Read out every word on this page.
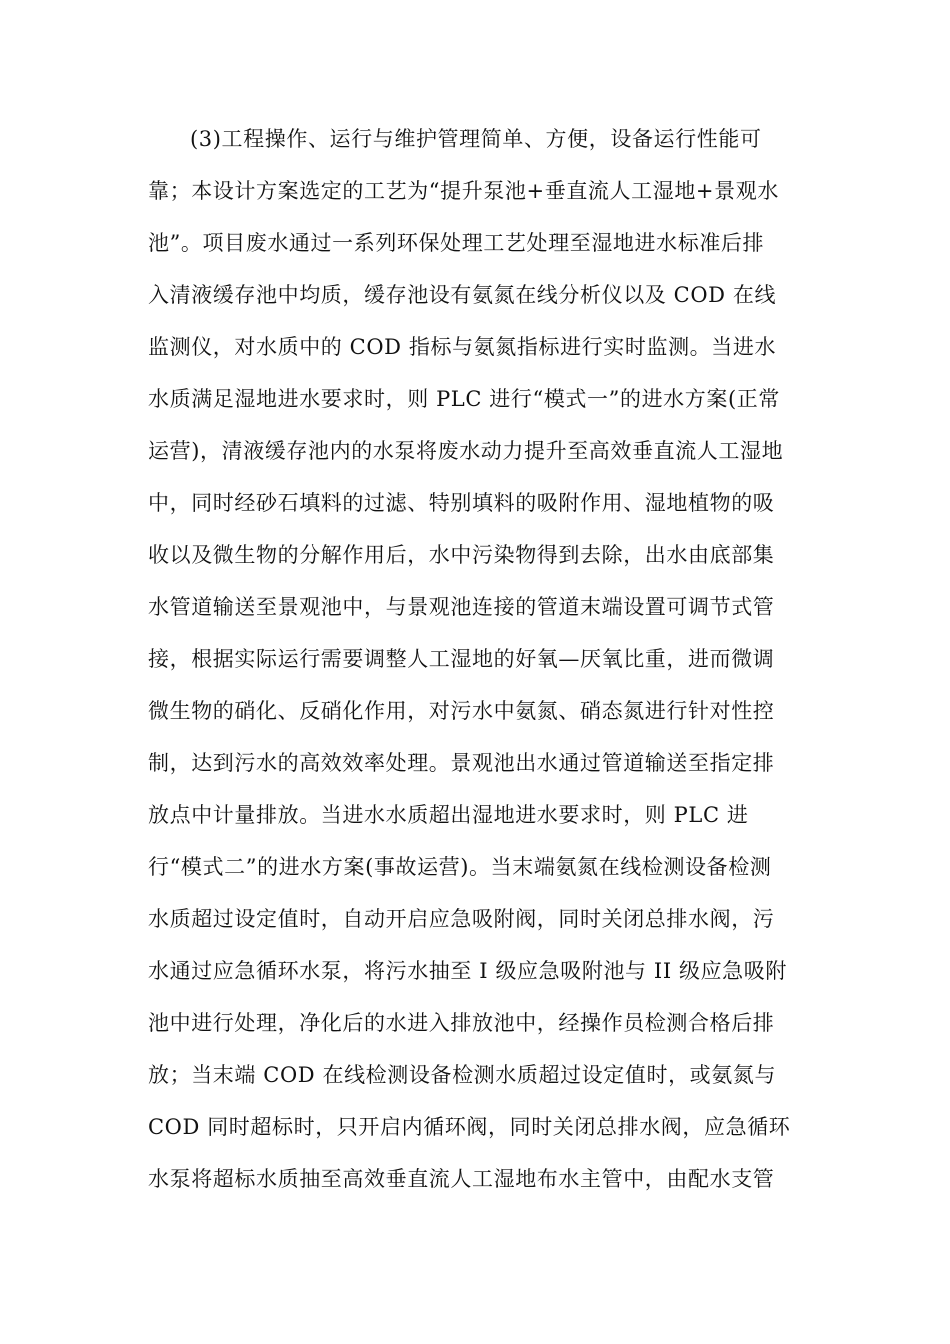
(3)工程操作、运行与维护管理简单、方便，设备运行性能可
靠；本设计方案选定的工艺为“提升泵池+垂直流人工湿地+景观水
池”。项目废水通过一系列环保处理工艺处理至湿地进水标准后排
入清液缓存池中均质，缓存池设有氨氮在线分析仪以及 COD 在线
监测仪，对水质中的 COD 指标与氨氮指标进行实时监测。当进水
水质满足湿地进水要求时，则 PLC 进行“模式一”的进水方案(正常
运营)，清液缓存池内的水泵将废水动力提升至高效垂直流人工湿地
中，同时经砂石填料的过滤、特别填料的吸附作用、湿地植物的吸
收以及微生物的分解作用后，水中污染物得到去除，出水由底部集
水管道输送至景观池中，与景观池连接的管道末端设置可调节式管
接，根据实际运行需要调整人工湿地的好氧—厌氧比重，进而微调
微生物的硝化、反硝化作用，对污水中氨氮、硝态氮进行针对性控
制，达到污水的高效效率处理。景观池出水通过管道输送至指定排
放点中计量排放。当进水水质超出湿地进水要求时，则 PLC 进
行“模式二”的进水方案(事故运营)。当末端氨氮在线检测设备检测
水质超过设定值时，自动开启应急吸附阀，同时关闭总排水阀，污
水通过应急循环水泵，将污水抽至 I 级应急吸附池与 II 级应急吸附
池中进行处理，净化后的水进入排放池中，经操作员检测合格后排
放；当末端 COD 在线检测设备检测水质超过设定值时，或氨氮与
COD 同时超标时，只开启内循环阀，同时关闭总排水阀，应急循环
水泵将超标水质抽至高效垂直流人工湿地布水主管中，由配水支管
